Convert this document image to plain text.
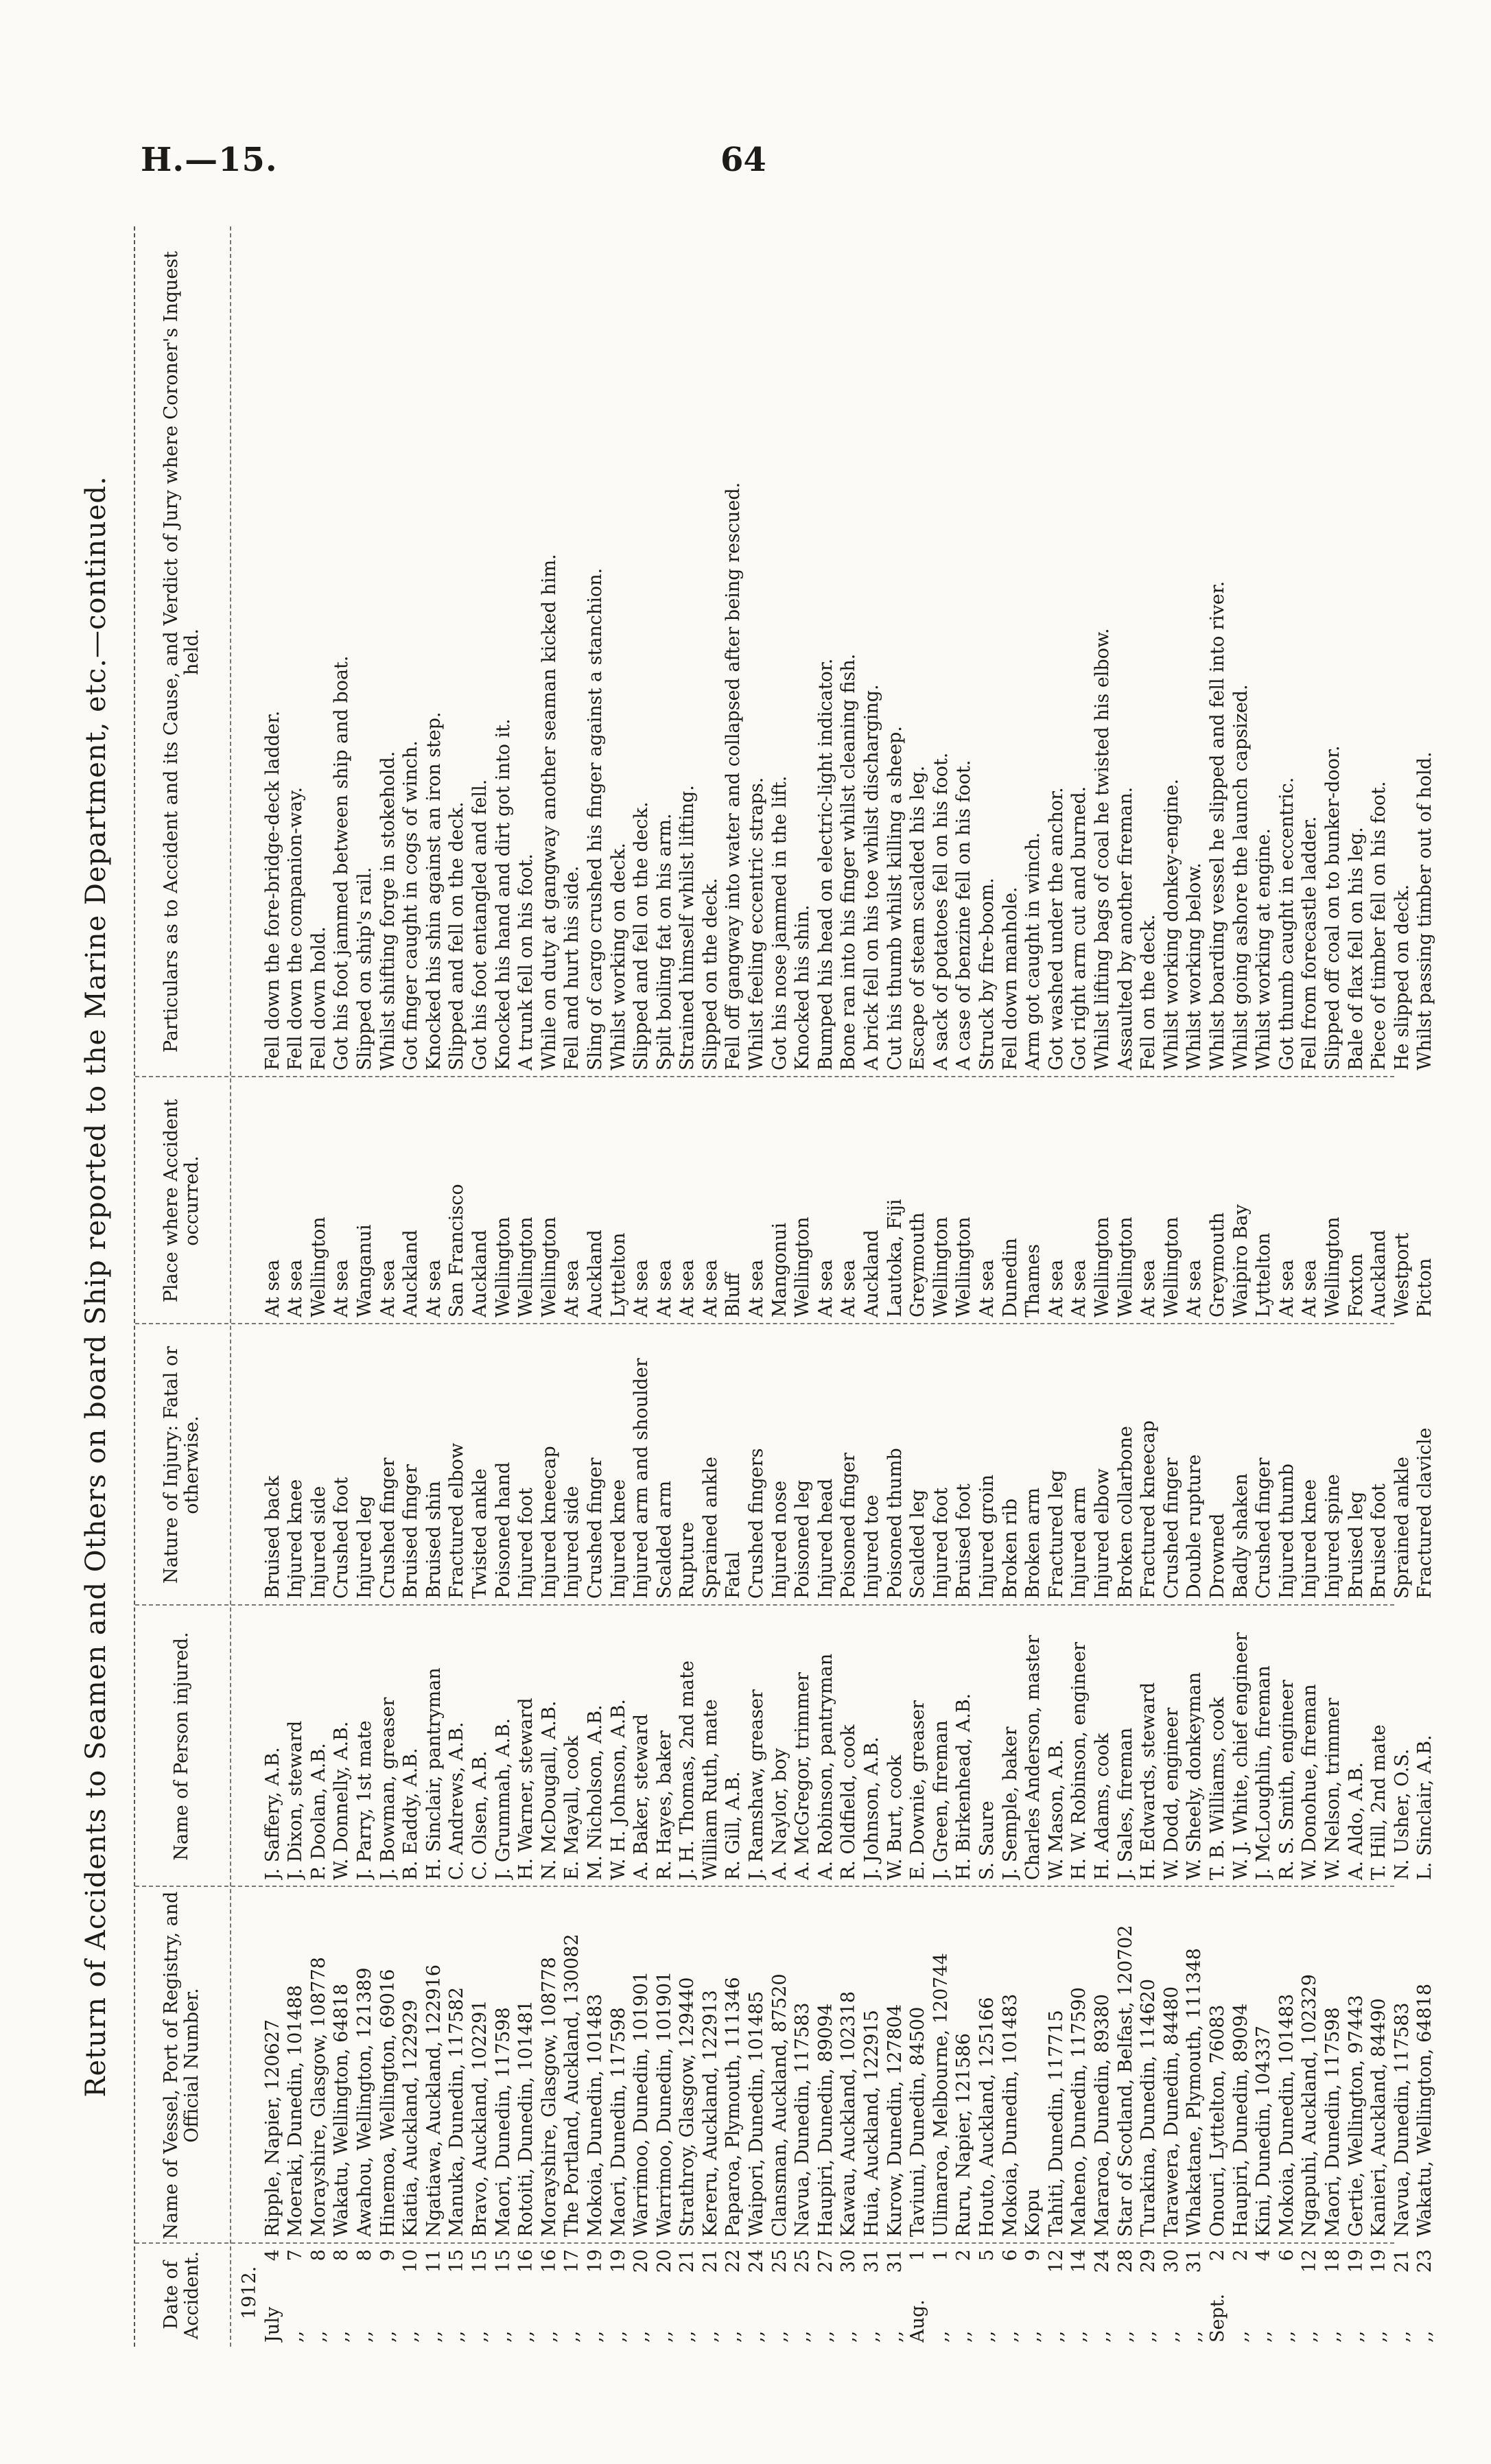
H.—15.	64
Return of Accidents to Seamen and Others on board Ship reported to the Marine Department, etc.—continued.
Date of Accident.
Name of Vessel, Port of Registry, and Official Number.
Name of Person injured.
Nature of Injury: Fatal or otherwise.
Place where Accident occurred.
Particulars as to Accident and its Cause, and Verdict of Jury where Coroner's Inquest held.
1912.
July
4
Ripple, Napier, 120627
J. Saffery, A.B.
Bruised back
At sea
Fell down the fore-bridge-deck ladder.
,,
7
Moeraki, Dunedin, 101488
J. Dixon, steward
Injured knee
At sea
Fell down the companion-way.
,,
8
Morayshire, Glasgow, 108778
P. Doolan, A.B.
Injured side
Wellington
Fell down hold.
,,
8
Wakatu, Wellington, 64818
W. Donnelly, A.B.
Crushed foot
At sea
Got his foot jammed between ship and boat.
,,
8
Awahou, Wellington, 121389
J. Parry, 1st mate
Injured leg
Wanganui
Slipped on ship's rail.
,,
9
Hinemoa, Wellington, 69016
J. Bowman, greaser
Crushed finger
At sea
Whilst shifting forge in stokehold.
,,
10
Kiatia, Auckland, 122929
B. Eaddy, A.B.
Bruised finger
Auckland
Got finger caught in cogs of winch.
,,
11
Ngatiawa, Auckland, 122916
H. Sinclair, pantryman
Bruised shin
At sea
Knocked his shin against an iron step.
,,
15
Manuka, Dunedin, 117582
C. Andrews, A.B.
Fractured elbow
San Francisco
Slipped and fell on the deck.
,,
15
Bravo, Auckland, 102291
C. Olsen, A.B.
Twisted ankle
Auckland
Got his foot entangled and fell.
,,
15
Maori, Dunedin, 117598
J. Grummah, A.B.
Poisoned hand
Wellington
Knocked his hand and dirt got into it.
,,
16
Rotoiti, Dunedin, 101481
H. Warner, steward
Injured foot
Wellington
A trunk fell on his foot.
,,
16
Morayshire, Glasgow, 108778
N. McDougall, A.B.
Injured kneecap
Wellington
While on duty at gangway another seaman kicked him.
,,
17
The Portland, Auckland, 130082
E. Mayall, cook
Injured side
At sea
Fell and hurt his side.
,,
19
Mokoia, Dunedin, 101483
M. Nicholson, A.B.
Crushed finger
Auckland
Sling of cargo crushed his finger against a stanchion.
,,
19
Maori, Dunedin, 117598
W. H. Johnson, A.B.
Injured knee
Lyttelton
Whilst working on deck.
,,
20
Warrimoo, Dunedin, 101901
A. Baker, steward
Injured arm and shoulder
At sea
Slipped and fell on the deck.
,,
20
Warrimoo, Dunedin, 101901
R. Hayes, baker
Scalded arm
At sea
Spilt boiling fat on his arm.
,,
21
Strathroy, Glasgow, 129440
J. H. Thomas, 2nd mate
Rupture
At sea
Strained himself whilst lifting.
,,
21
Kereru, Auckland, 122913
William Ruth, mate
Sprained ankle
At sea
Slipped on the deck.
,,
22
Paparoa, Plymouth, 111346
R. Gill, A.B.
Fatal
Bluff
Fell off gangway into water and collapsed after being rescued.
,,
24
Waipori, Dunedin, 101485
J. Ramshaw, greaser
Crushed fingers
At sea
Whilst feeling eccentric straps.
,,
25
Clansman, Auckland, 87520
A. Naylor, boy
Injured nose
Mangonui
Got his nose jammed in the lift.
,,
25
Navua, Dunedin, 117583
A. McGregor, trimmer
Poisoned leg
Wellington
Knocked his shin.
,,
27
Haupiri, Dunedin, 89094
A. Robinson, pantryman
Injured head
At sea
Bumped his head on electric-light indicator.
,,
30
Kawau, Auckland, 102318
R. Oldfield, cook
Poisoned finger
At sea
Bone ran into his finger whilst cleaning fish.
,,
31
Huia, Auckland, 122915
J. Johnson, A.B.
Injured toe
Auckland
A brick fell on his toe whilst discharging.
,,
31
Kurow, Dunedin, 127804
W. Burt, cook
Poisoned thumb
Lautoka, Fiji
Cut his thumb whilst killing a sheep.
Aug.
1
Taviuni, Dunedin, 84500
E. Downie, greaser
Scalded leg
Greymouth
Escape of steam scalded his leg.
,,
1
Ulimaroa, Melbourne, 120744
J. Green, fireman
Injured foot
Wellington
A sack of potatoes fell on his foot.
,,
2
Ruru, Napier, 121586
H. Birkenhead, A.B.
Bruised foot
Wellington
A case of benzine fell on his foot.
,,
5
Houto, Auckland, 125166
S. Saure
Injured groin
At sea
Struck by fire-boom.
,,
6
Mokoia, Dunedin, 101483
J. Semple, baker
Broken rib
Dunedin
Fell down manhole.
,,
9
Kopu
Charles Anderson, master
Broken arm
Thames
Arm got caught in winch.
,,
12
Tahiti, Dunedin, 117715
W. Mason, A.B.
Fractured leg
At sea
Got washed under the anchor.
,,
14
Maheno, Dunedin, 117590
H. W. Robinson, engineer
Injured arm
At sea
Got right arm cut and burned.
,,
24
Mararoa, Dunedin, 89380
H. Adams, cook
Injured elbow
Wellington
Whilst lifting bags of coal he twisted his elbow.
,,
28
Star of Scotland, Belfast, 120702
J. Sales, fireman
Broken collarbone
Wellington
Assaulted by another fireman.
,,
29
Turakina, Dunedin, 114620
H. Edwards, steward
Fractured kneecap
At sea
Fell on the deck.
,,
30
Tarawera, Dunedin, 84480
W. Dodd, engineer
Crushed finger
Wellington
Whilst working donkey-engine.
,,
31
Whakatane, Plymouth, 111348
W. Sheely, donkeyman
Double rupture
At sea
Whilst working below.
Sept.
2
Onouri, Lyttelton, 76083
T. B. Williams, cook
Drowned
Greymouth
Whilst boarding vessel he slipped and fell into river.
,,
2
Haupiri, Dunedin, 89094
W. J. White, chief engineer
Badly shaken
Waipiro Bay
Whilst going ashore the launch capsized.
,,
4
Kini, Dunedin, 104337
J. McLoughlin, fireman
Crushed finger
Lyttelton
Whilst working at engine.
,,
6
Mokoia, Dunedin, 101483
R. S. Smith, engineer
Injured thumb
At sea
Got thumb caught in eccentric.
,,
12
Ngapuhi, Auckland, 102329
W. Donohue, fireman
Injured knee
At sea
Fell from forecastle ladder.
,,
18
Maori, Dunedin, 117598
W. Nelson, trimmer
Injured spine
Wellington
Slipped off coal on to bunker-door.
,,
19
Gertie, Wellington, 97443
A. Aldo, A.B.
Bruised leg
Foxton
Bale of flax fell on his leg.
,,
19
Kanieri, Auckland, 84490
T. Hill, 2nd mate
Bruised foot
Auckland
Piece of timber fell on his foot.
,,
21
Navua, Dunedin, 117583
N. Usher, O.S.
Sprained ankle
Westport
He slipped on deck.
,,
23
Wakatu, Wellington, 64818
L. Sinclair, A.B.
Fractured clavicle
Picton
Whilst passing timber out of hold.
